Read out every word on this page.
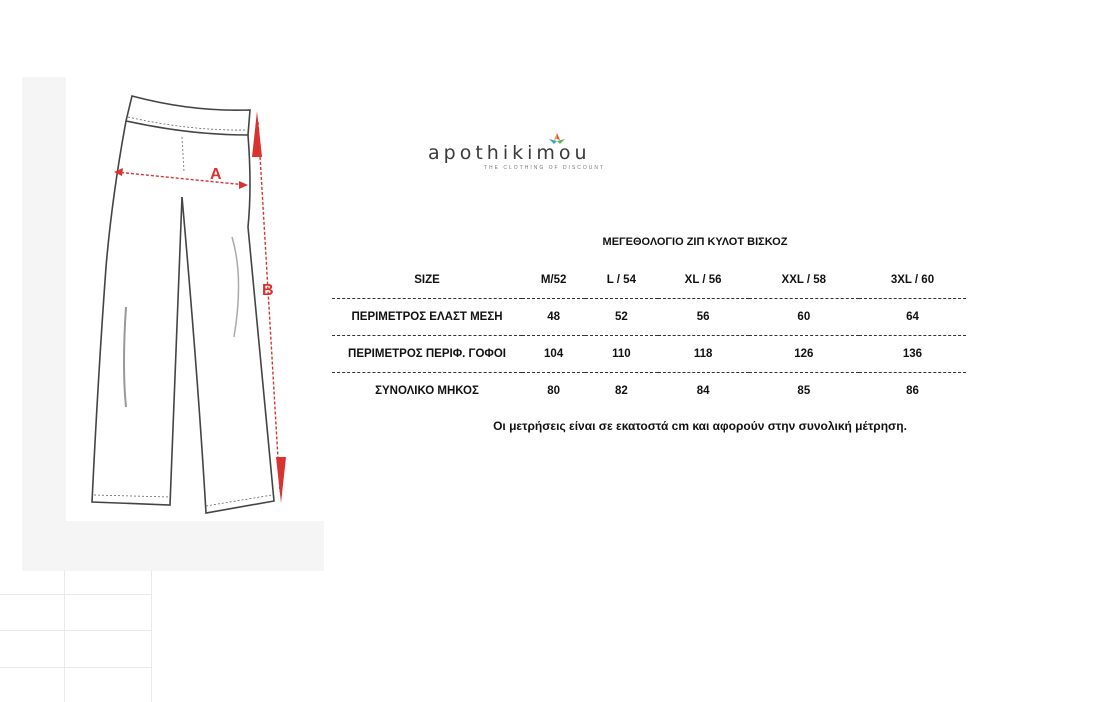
A
B
apothikimou
THE CLOTHING OF DISCOUNT
ΜΕΓΕΘΟΛΟΓΙΟ ΖΙΠ ΚΥΛΟΤ ΒΙΣΚΟΖ
SIZE	M/52	L / 54	XL / 56	XXL / 58	3XL / 60
ΠΕΡΙΜΕΤΡΟΣ ΕΛΑΣΤ ΜΕΣΗ	48	52	56	60	64
ΠΕΡΙΜΕΤΡΟΣ ΠΕΡΙΦ. ΓΟΦΟΙ	104	110	118	126	136
ΣΥΝΟΛΙΚΟ ΜΗΚΟΣ	80	82	84	85	86
Οι μετρήσεις είναι σε εκατοστά cm και αφορούν στην συνολική μέτρηση.
